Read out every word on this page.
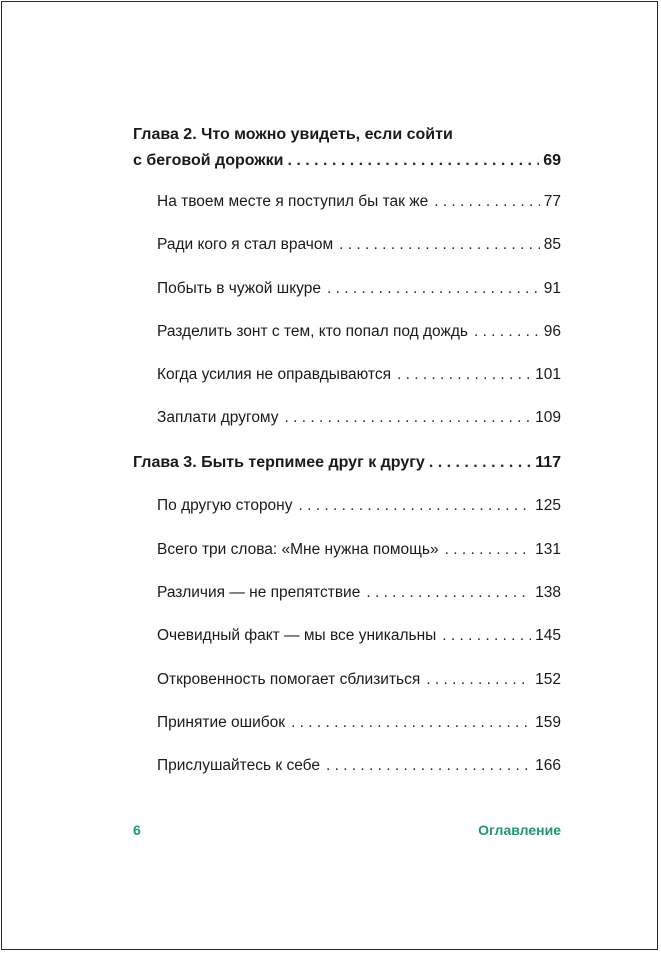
Глава 2. Что можно увидеть, если сойти
с беговой дорожки . . .	69
На твоем месте я поступил бы так же . . .	77
Ради кого я стал врачом . . .	85
Побыть в чужой шкуре . . .	91
Разделить зонт с тем, кто попал под дождь . . .	96
Когда усилия не оправдываются . . .	101
Заплати другому . . .	109
Глава 3. Быть терпимее друг к другу . . .	117
По другую сторону . . .	125
Всего три слова: «Мне нужна помощь» . . .	131
Различия — не препятствие . . .	138
Очевидный факт — мы все уникальны . . .	145
Откровенность помогает сблизиться . . .	152
Принятие ошибок . . .	159
Прислушайтесь к себе . . .	166
6	Оглавление
